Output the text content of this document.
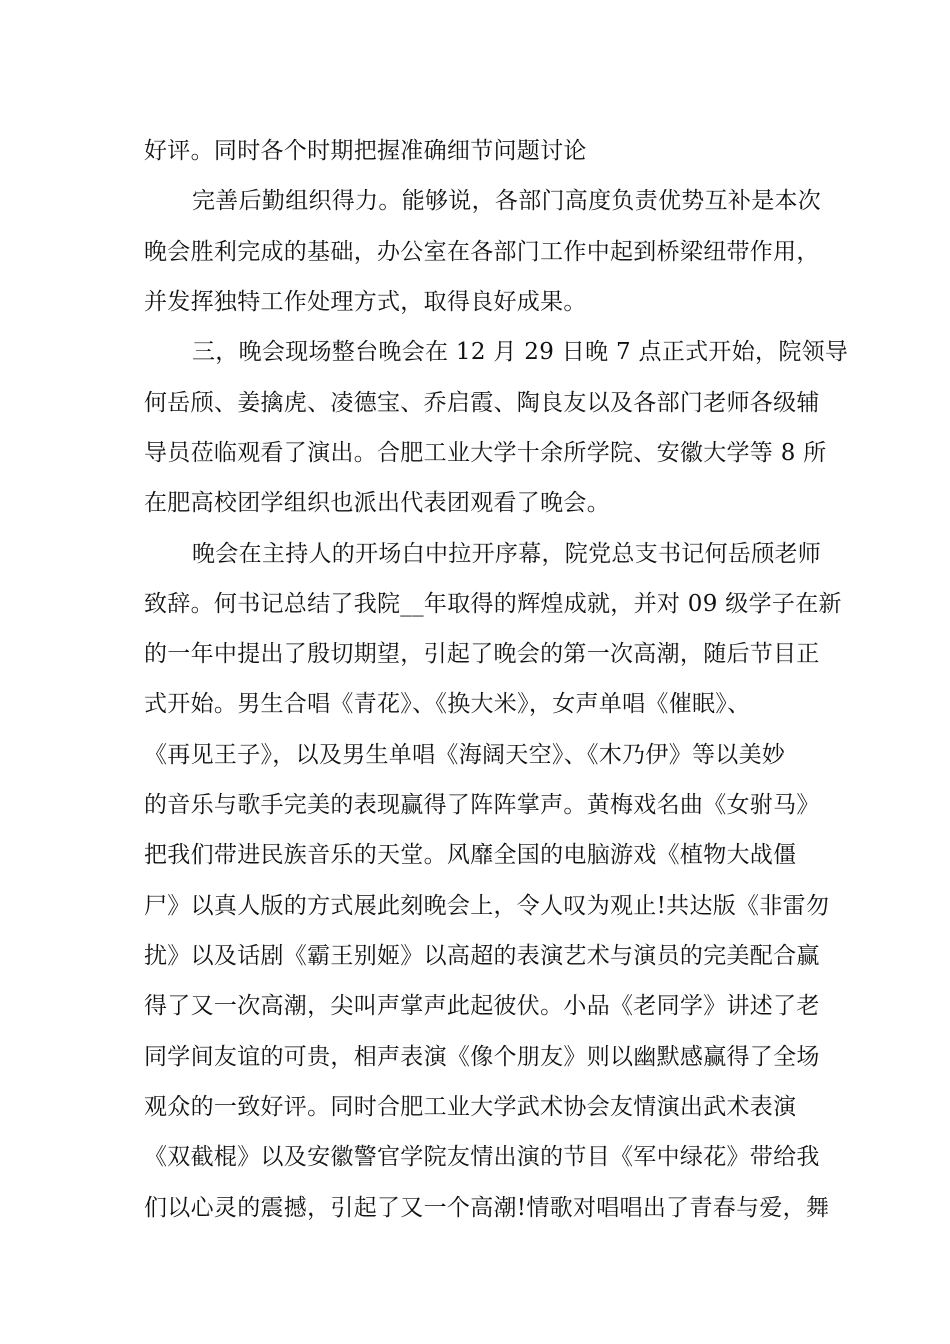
好评。同时各个时期把握准确细节问题讨论
完善后勤组织得力。能够说，各部门高度负责优势互补是本次
晚会胜利完成的基础，办公室在各部门工作中起到桥梁纽带作用，
并发挥独特工作处理方式，取得良好成果。
三，晚会现场整台晚会在 12 月 29 日晚 7 点正式开始，院领导
何岳颀、姜擒虎、凌德宝、乔启霞、陶良友以及各部门老师各级辅
导员莅临观看了演出。合肥工业大学十余所学院、安徽大学等 8 所
在肥高校团学组织也派出代表团观看了晚会。
晚会在主持人的开场白中拉开序幕，院党总支书记何岳颀老师
致辞。何书记总结了我院__年取得的辉煌成就，并对 09 级学子在新
的一年中提出了殷切期望，引起了晚会的第一次高潮，随后节目正
式开始。男生合唱《青花》、《换大米》，女声单唱《催眠》、
《再见王子》，以及男生单唱《海阔天空》、《木乃伊》等以美妙
的音乐与歌手完美的表现赢得了阵阵掌声。黄梅戏名曲《女驸马》
把我们带进民族音乐的天堂。风靡全国的电脑游戏《植物大战僵
尸》以真人版的方式展此刻晚会上，令人叹为观止!共达版《非雷勿
扰》以及话剧《霸王别姬》以高超的表演艺术与演员的完美配合赢
得了又一次高潮，尖叫声掌声此起彼伏。小品《老同学》讲述了老
同学间友谊的可贵，相声表演《像个朋友》则以幽默感赢得了全场
观众的一致好评。同时合肥工业大学武术协会友情演出武术表演
《双截棍》以及安徽警官学院友情出演的节目《军中绿花》带给我
们以心灵的震撼，引起了又一个高潮!情歌对唱唱出了青春与爱，舞
